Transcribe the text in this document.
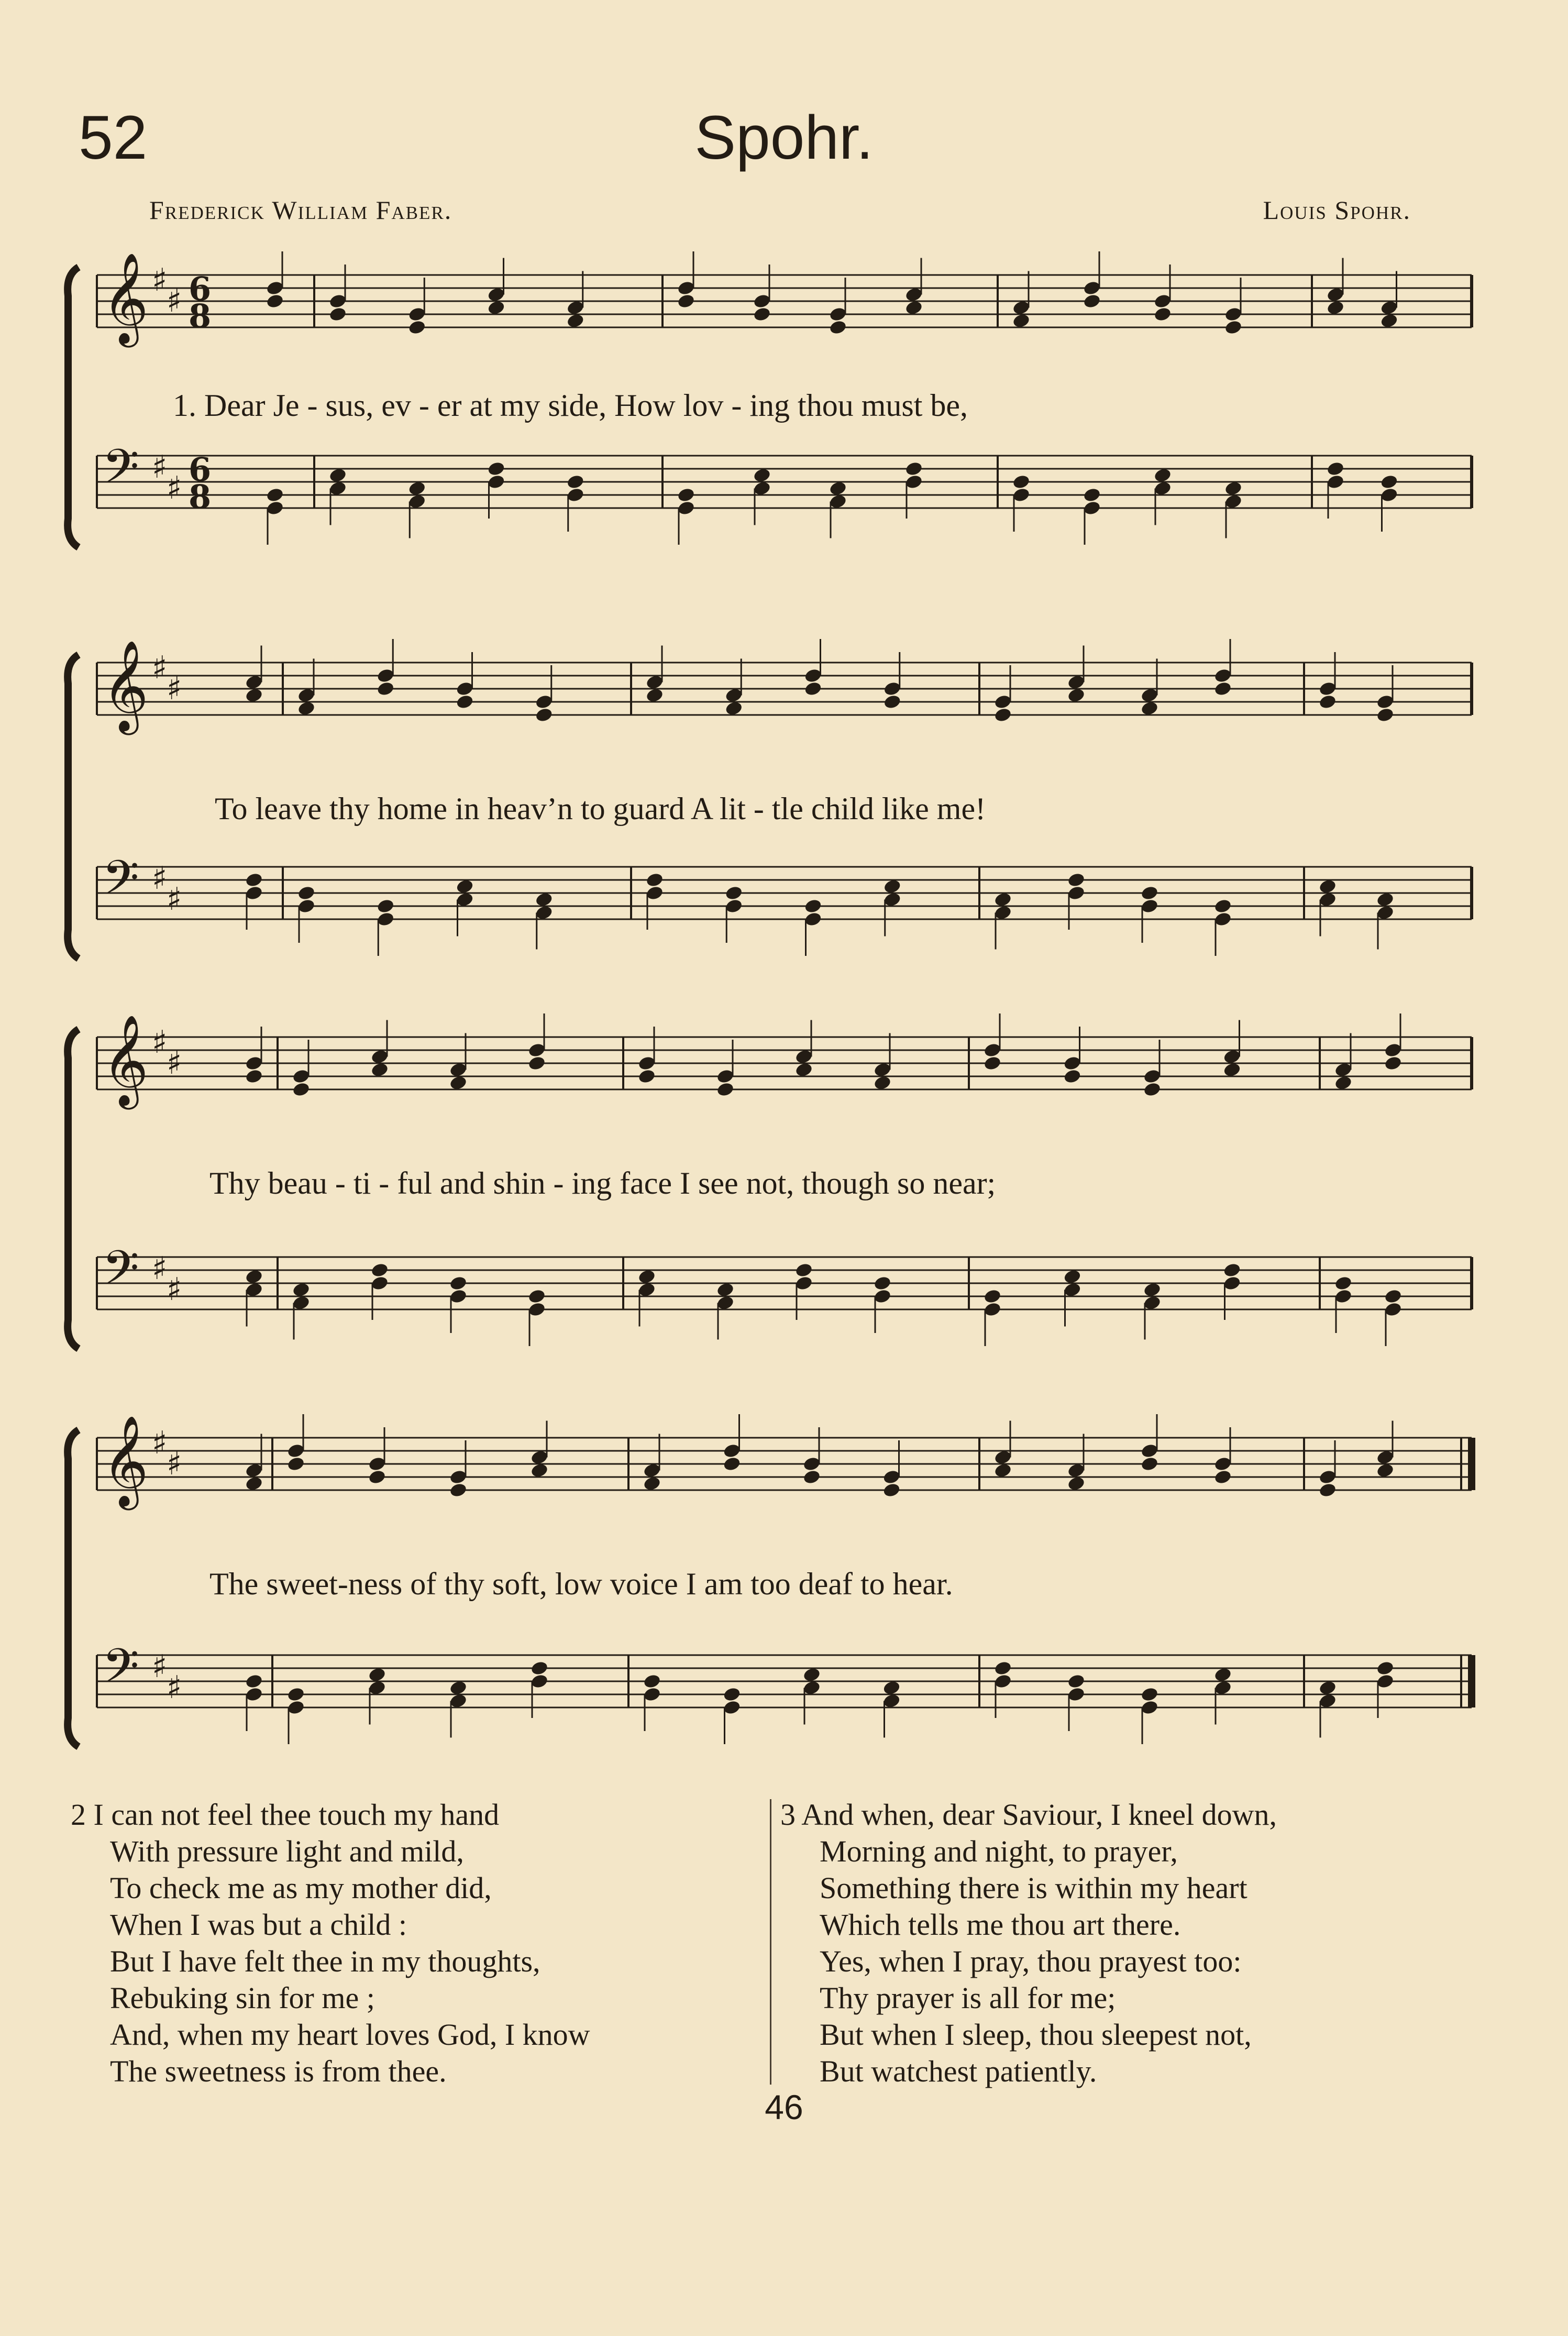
52	Spohr.
Frederick William Faber.	Louis Spohr.
𝄞 ♯
♯ 6
8
𝄢 ♯
♯ 6
8
𝄞 ♯
♯
𝄢 ♯
♯
𝄞 ♯
♯
𝄢 ♯
♯
𝄞 ♯
♯
𝄢 ♯
♯
1. Dear Je - sus, ev - er at my side, How lov - ing thou must be,
To leave thy home in heav’n to guard A lit - tle child like me!
Thy beau - ti - ful and shin - ing face I see not, though so near;
The sweet-ness of thy soft, low voice I am too deaf to hear.
2 I can not feel thee touch my hand
With pressure light and mild,
To check me as my mother did,
When I was but a child :
But I have felt thee in my thoughts,
Rebuking sin for me ;
And, when my heart loves God, I know
The sweetness is from thee.
3 And when, dear Saviour, I kneel down,
Morning and night, to prayer,
Something there is within my heart
Which tells me thou art there.
Yes, when I pray, thou prayest too:
Thy prayer is all for me;
But when I sleep, thou sleepest not,
But watchest patiently.
46
